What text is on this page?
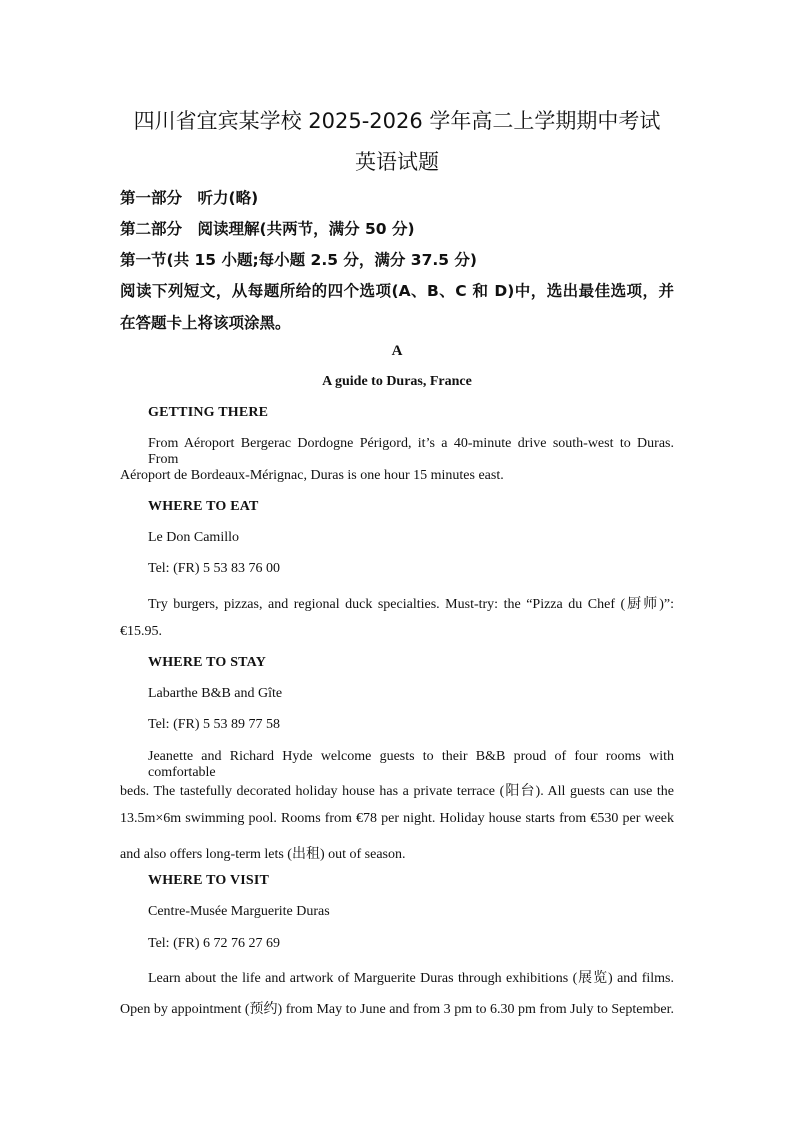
四川省宜宾某学校 2025-2026 学年高二上学期期中考试
英语试题
第一部分　听力(略)
第二部分　阅读理解(共两节，满分 50 分)
第一节(共 15 小题;每小题 2.5 分，满分 37.5 分)
阅读下列短文，从每题所给的四个选项(A、B、C 和 D)中，选出最佳选项，并
在答题卡上将该项涂黑。
A
A guide to Duras, France
GETTING THERE
From Aéroport Bergerac Dordogne Périgord, it’s a 40-minute drive south-west to Duras. From
Aéroport de Bordeaux-Mérignac, Duras is one hour 15 minutes east.
WHERE TO EAT
Le Don Camillo
Tel: (FR) 5 53 83 76 00
Try burgers, pizzas, and regional duck specialties. Must-try: the “Pizza du Chef (厨师)”:
€15.95.
WHERE TO STAY
Labarthe B&B and Gîte
Tel: (FR) 5 53 89 77 58
Jeanette and Richard Hyde welcome guests to their B&B proud of four rooms with comfortable
beds. The tastefully decorated holiday house has a private terrace (阳台). All guests can use the
13.5m×6m swimming pool. Rooms from €78 per night. Holiday house starts from €530 per week
and also offers long-term lets (出租) out of season.
WHERE TO VISIT
Centre-Musée Marguerite Duras
Tel: (FR) 6 72 76 27 69
Learn about the life and artwork of Marguerite Duras through exhibitions (展览) and films.
Open by appointment (预约) from May to June and from 3 pm to 6.30 pm from July to September.
